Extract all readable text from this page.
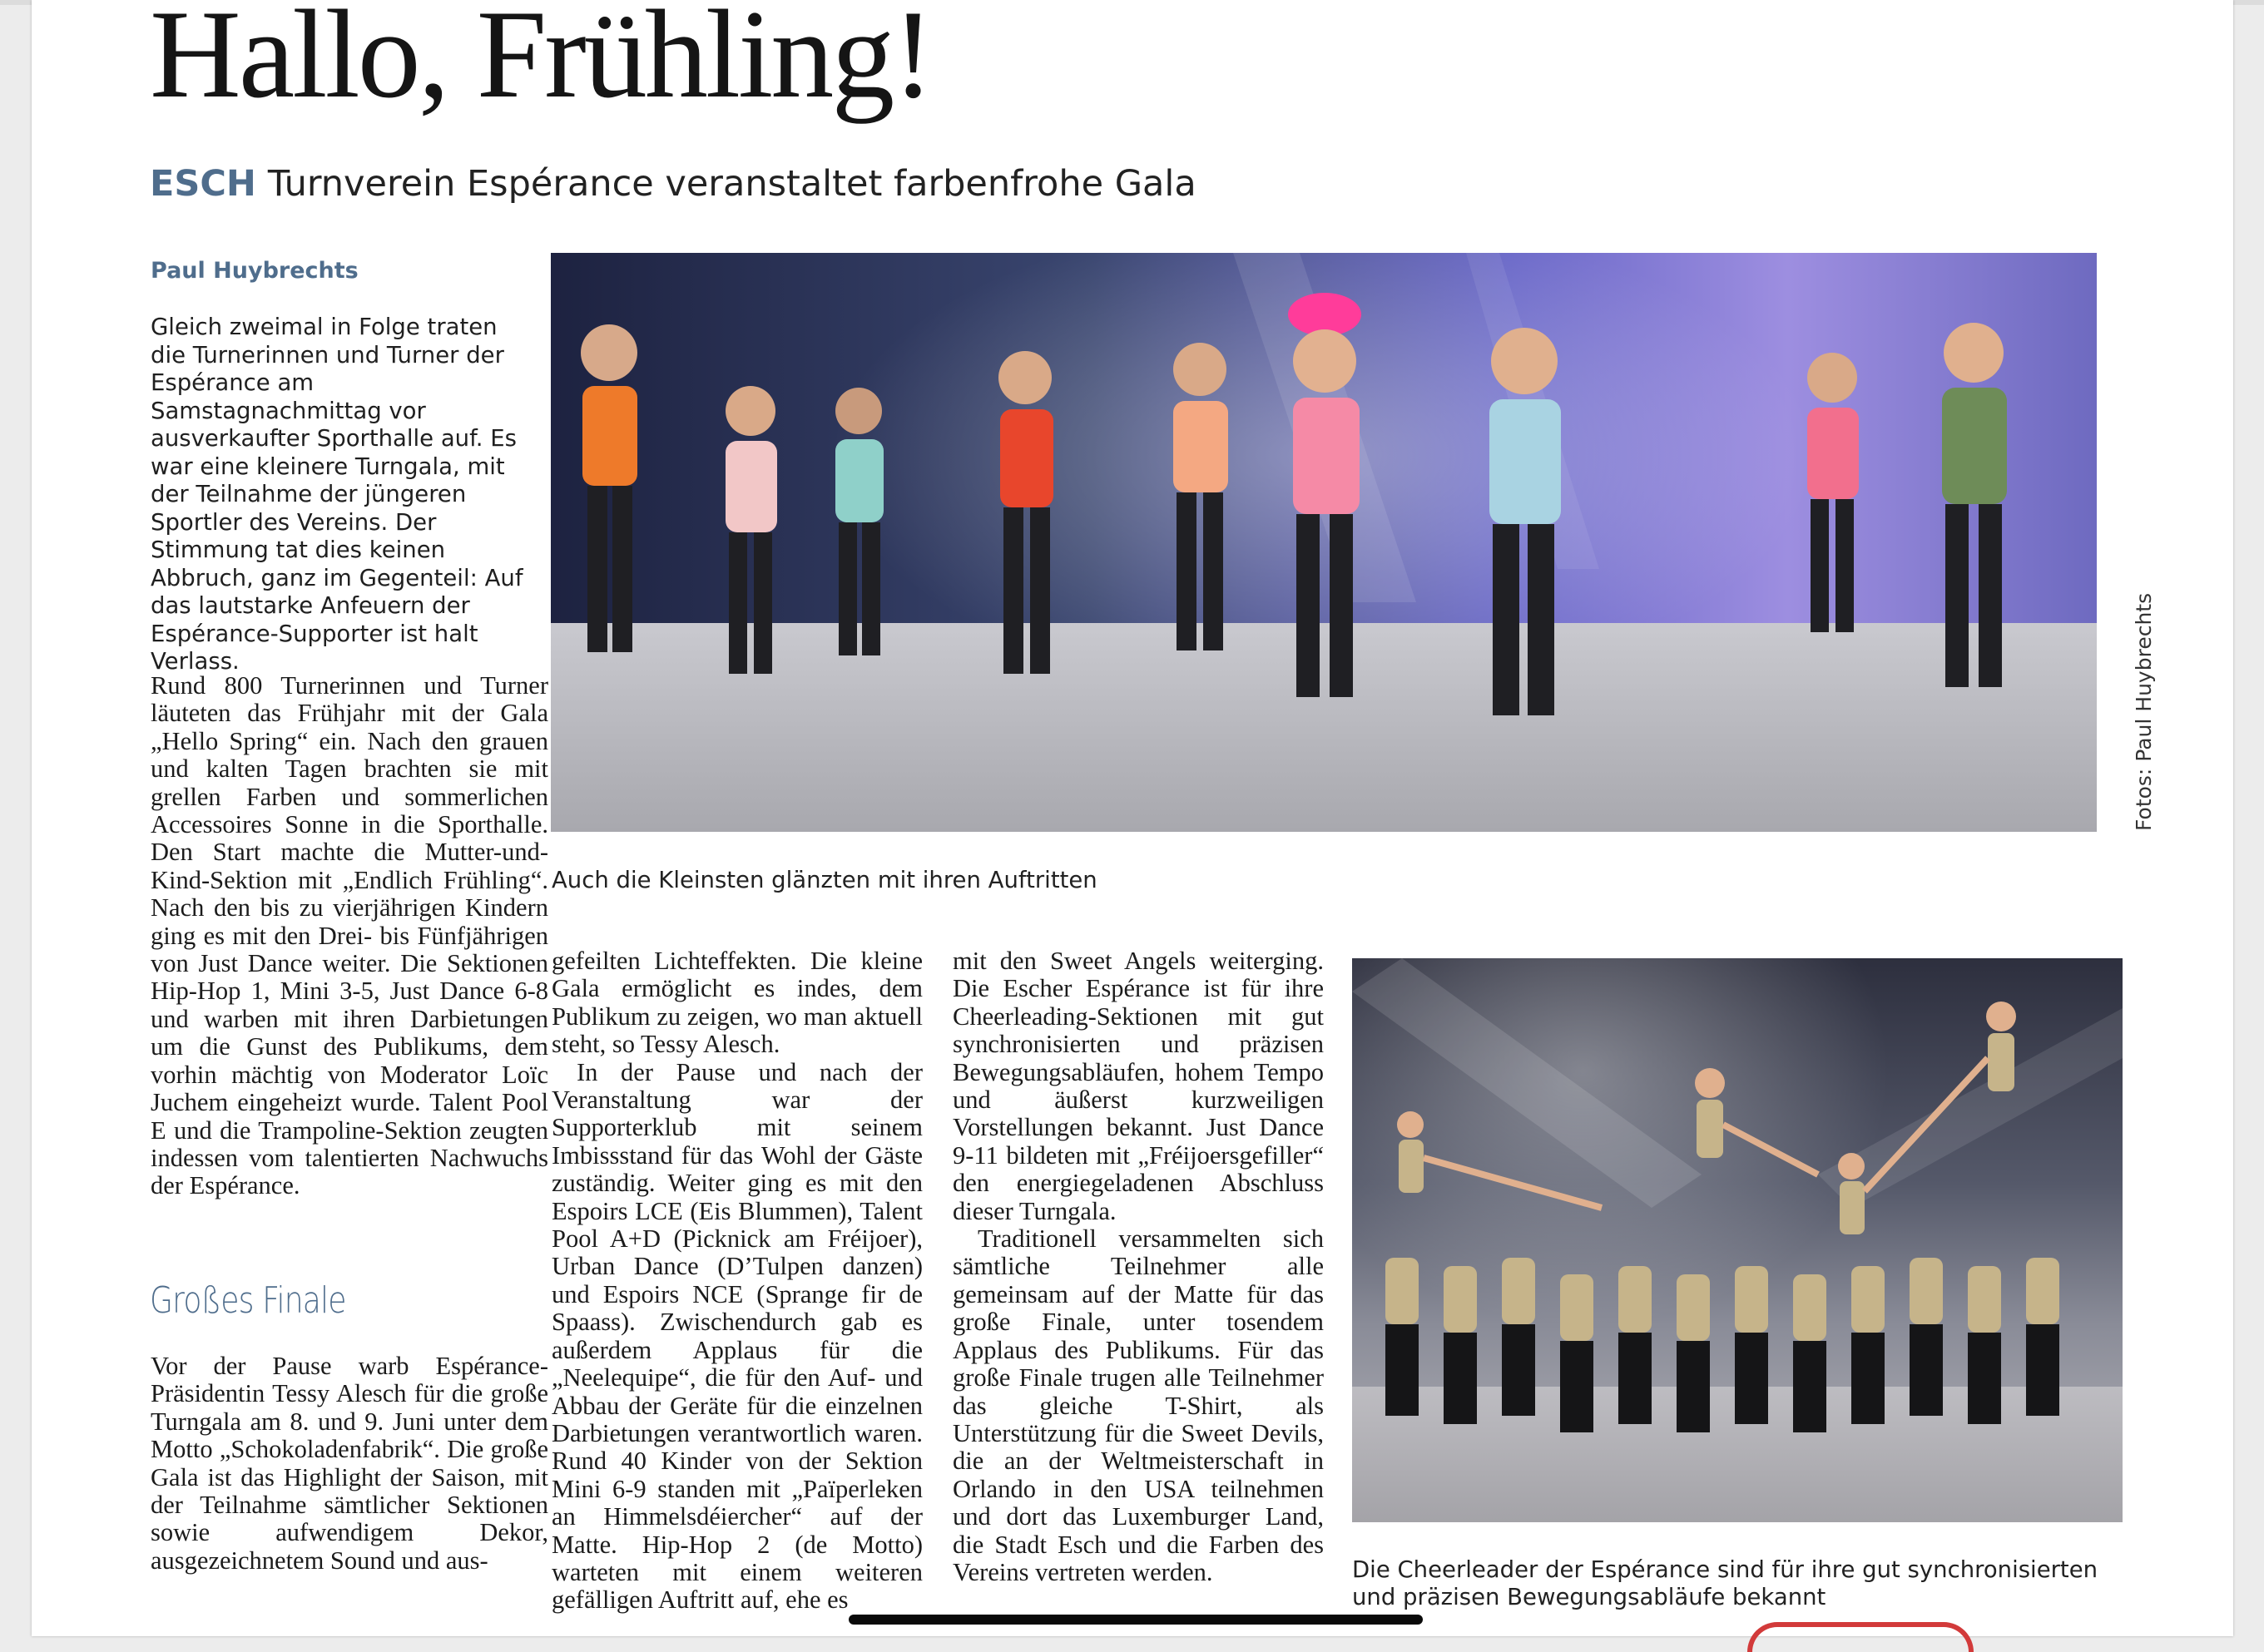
Hallo, Frühling!
ESCH Turnverein Espérance veranstaltet farbenfrohe Gala
Paul Huybrechts
Gleich zweimal in Folge traten die Turnerinnen und Turner der Espérance am Samstagnachmittag vor ausverkaufter Sporthalle auf. Es war eine kleinere Turngala, mit der Teilnahme der jüngeren Sportler des Vereins. Der Stimmung tat dies keinen Abbruch, ganz im Gegenteil: Auf das lautstarke Anfeuern der Espérance-Supporter ist halt Verlass.

Rund 800 Turnerinnen und Turner läuteten das Frühjahr mit der Gala „Hello Spring“ ein. Nach den grauen und kalten Tagen brachten sie mit grellen Farben und sommerlichen Accessoires Sonne in die Sporthalle. Den Start machte die Mutter-und-Kind-Sektion mit „Endlich Frühling“. Nach den bis zu vierjährigen Kindern ging es mit den Drei- bis Fünfjährigen von Just Dance weiter. Die Sektionen Hip-Hop 1, Mini 3-5, Just Dance 6-8 und warben mit ihren Darbietungen um die Gunst des Publikums, dem vorhin mächtig von Moderator Loïc Juchem eingeheizt wurde. Talent Pool E und die Trampoline-Sektion zeugten indessen vom talentierten Nachwuchs der Espérance.

Großes Finale

Vor der Pause warb Espérance-Präsidentin Tessy Alesch für die große Turngala am 8. und 9. Juni unter dem Motto „Schokoladenfabrik“. Die große Gala ist das Highlight der Saison, mit der Teilnahme sämtlicher Sektionen sowie aufwendigem Dekor, ausgezeichnetem Sound und aus-

gefeilten Lichteffekten. Die kleine Gala ermöglicht es indes, dem Publikum zu zeigen, wo man aktuell steht, so Tessy Alesch.

In der Pause und nach der Veranstaltung war der Supporterklub mit seinem Imbissstand für das Wohl der Gäste zuständig. Weiter ging es mit den Espoirs LCE (Eis Blummen), Talent Pool A+D (Picknick am Fréijoer), Urban Dance (D’Tulpen danzen) und Espoirs NCE (Sprange fir de Spaass). Zwischendurch gab es außerdem Applaus für die „Neelequipe“, die für den Auf- und Abbau der Geräte für die einzelnen Darbietungen verantwortlich waren. Rund 40 Kinder von der Sektion Mini 6-9 standen mit „Païperleken an Himmelsdéiercher“ auf der Matte. Hip-Hop 2 (de Motto) warteten mit einem weiteren gefälligen Auftritt auf, ehe es

mit den Sweet Angels weiterging. Die Escher Espérance ist für ihre Cheerleading-Sektionen mit gut synchronisierten und präzisen Bewegungsabläufen, hohem Tempo und äußerst kurzweiligen Vorstellungen bekannt. Just Dance 9-11 bildeten mit „Fréijoersgefiller“ den energiegeladenen Abschluss dieser Turngala.

Traditionell versammelten sich sämtliche Teilnehmer alle gemeinsam auf der Matte für das große Finale, unter tosendem Applaus des Publikums. Für das große Finale trugen alle Teilnehmer das gleiche T-Shirt, als Unterstützung für die Sweet Devils, die an der Weltmeisterschaft in Orlando in den USA teilnehmen und dort das Luxemburger Land, die Stadt Esch und die Farben des Vereins vertreten werden.

Fotos: Paul Huybrechts
Auch die Kleinsten glänzten mit ihren Auftritten
Die Cheerleader der Espérance sind für ihre gut synchronisierten und präzisen Bewegungsabläufe bekannt
